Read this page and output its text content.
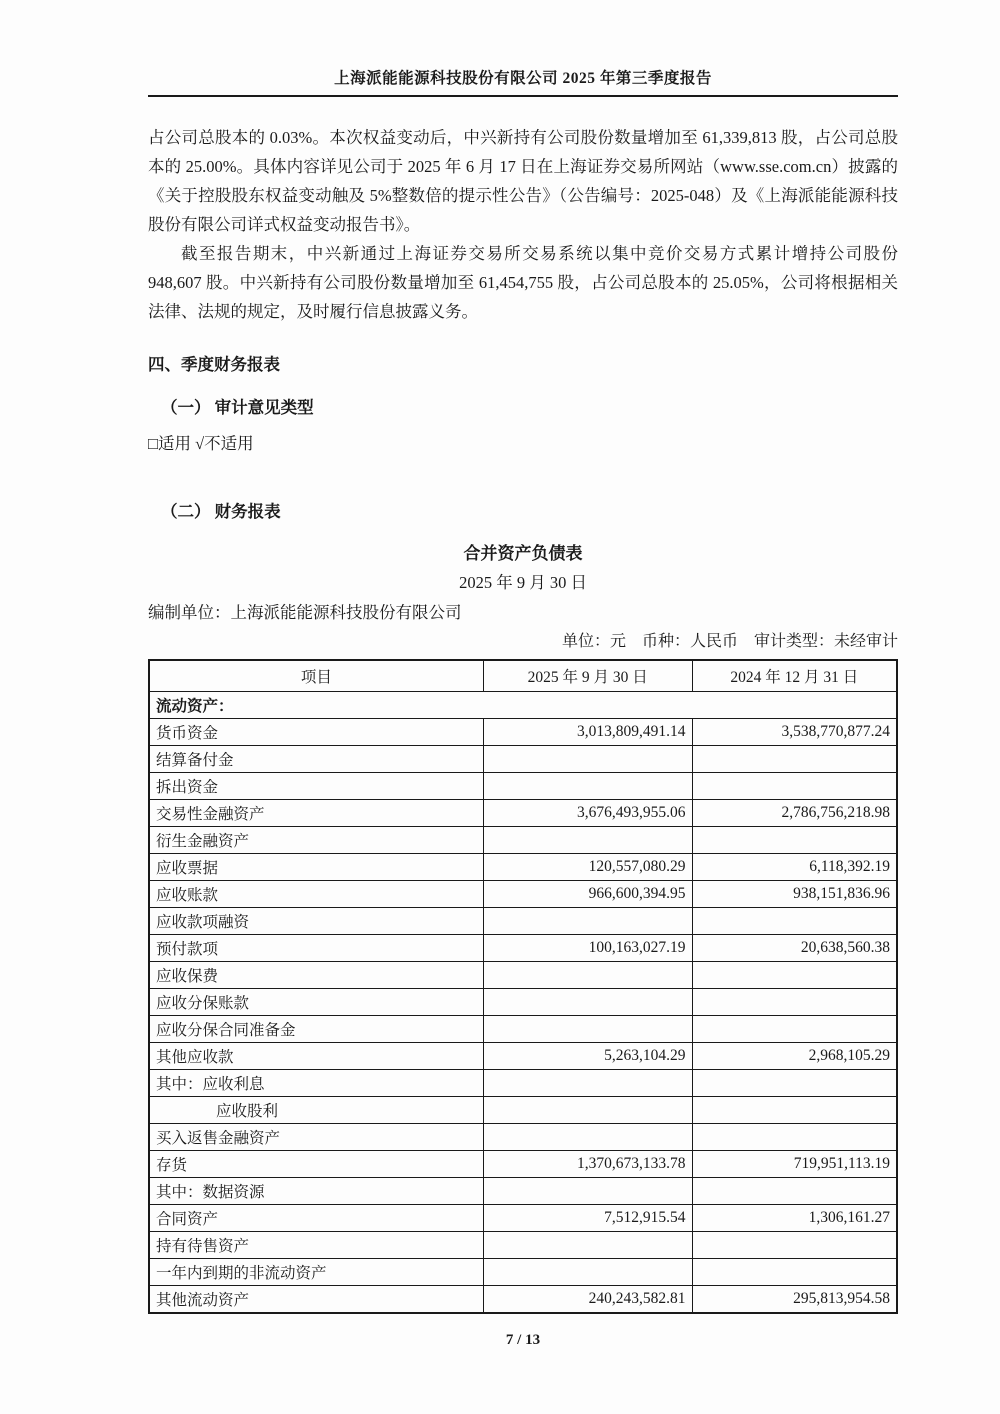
上海派能能源科技股份有限公司 2025 年第三季度报告

占公司总股本的 0.03%。本次权益变动后，中兴新持有公司股份数量增加至 61,339,813 股，占公司总股本的 25.00%。具体内容详见公司于 2025 年 6 月 17 日在上海证券交易所网站（www.sse.com.cn）披露的《关于控股股东权益变动触及 5%整数倍的提示性公告》（公告编号：2025-048）及《上海派能能源科技股份有限公司详式权益变动报告书》。

截至报告期末，中兴新通过上海证券交易所交易系统以集中竞价交易方式累计增持公司股份 948,607 股。中兴新持有公司股份数量增加至 61,454,755 股，占公司总股本的 25.05%，公司将根据相关法律、法规的规定，及时履行信息披露义务。

四、季度财务报表
（一） 审计意见类型
□适用 √不适用
（二） 财务报表
合并资产负债表
2025 年 9 月 30 日
编制单位：上海派能能源科技股份有限公司
单位：元　币种：人民币　审计类型：未经审计
项目	2025 年 9 月 30 日	2024 年 12 月 31 日
流动资产：		
货币资金	3,013,809,491.14	3,538,770,877.24
结算备付金		
拆出资金		
交易性金融资产	3,676,493,955.06	2,786,756,218.98
衍生金融资产		
应收票据	120,557,080.29	6,118,392.19
应收账款	966,600,394.95	938,151,836.96
应收款项融资		
预付款项	100,163,027.19	20,638,560.38
应收保费		
应收分保账款		
应收分保合同准备金		
其他应收款	5,263,104.29	2,968,105.29
其中：应收利息		
应收股利		
买入返售金融资产		
存货	1,370,673,133.78	719,951,113.19
其中：数据资源		
合同资产	7,512,915.54	1,306,161.27
持有待售资产		
一年内到期的非流动资产		
其他流动资产	240,243,582.81	295,813,954.58
7 / 13
